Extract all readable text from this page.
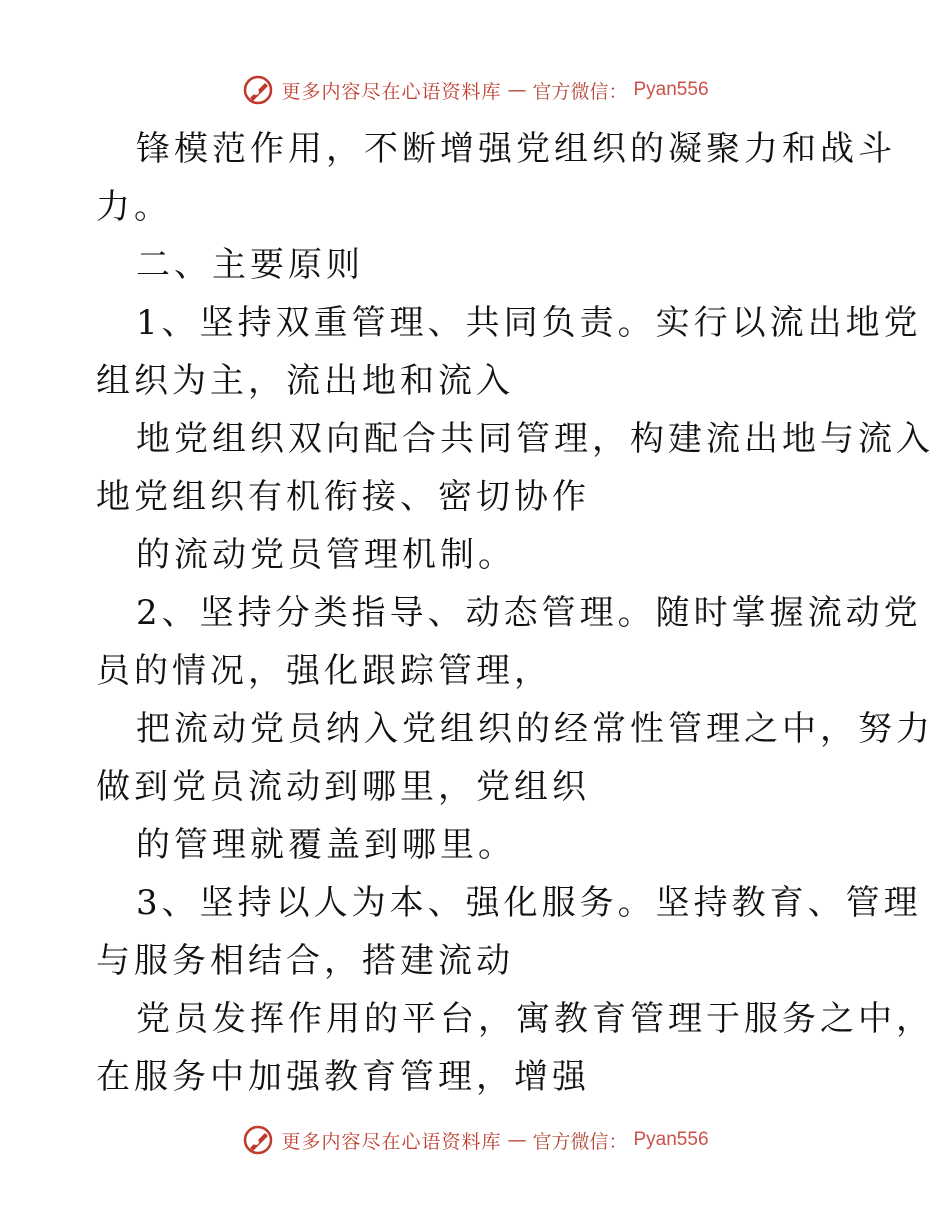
更多内容尽在心语资料库 — 官方微信： Pyan556
锋模范作用，不断增强党组织的凝聚力和战斗
力。
二、主要原则
1、坚持双重管理、共同负责。实行以流出地党
组织为主，流出地和流入
地党组织双向配合共同管理，构建流出地与流入
地党组织有机衔接、密切协作
的流动党员管理机制。
2、坚持分类指导、动态管理。随时掌握流动党
员的情况，强化跟踪管理，
把流动党员纳入党组织的经常性管理之中，努力
做到党员流动到哪里，党组织
的管理就覆盖到哪里。
3、坚持以人为本、强化服务。坚持教育、管理
与服务相结合，搭建流动
党员发挥作用的平台，寓教育管理于服务之中，
在服务中加强教育管理，增强
更多内容尽在心语资料库 — 官方微信： Pyan556
